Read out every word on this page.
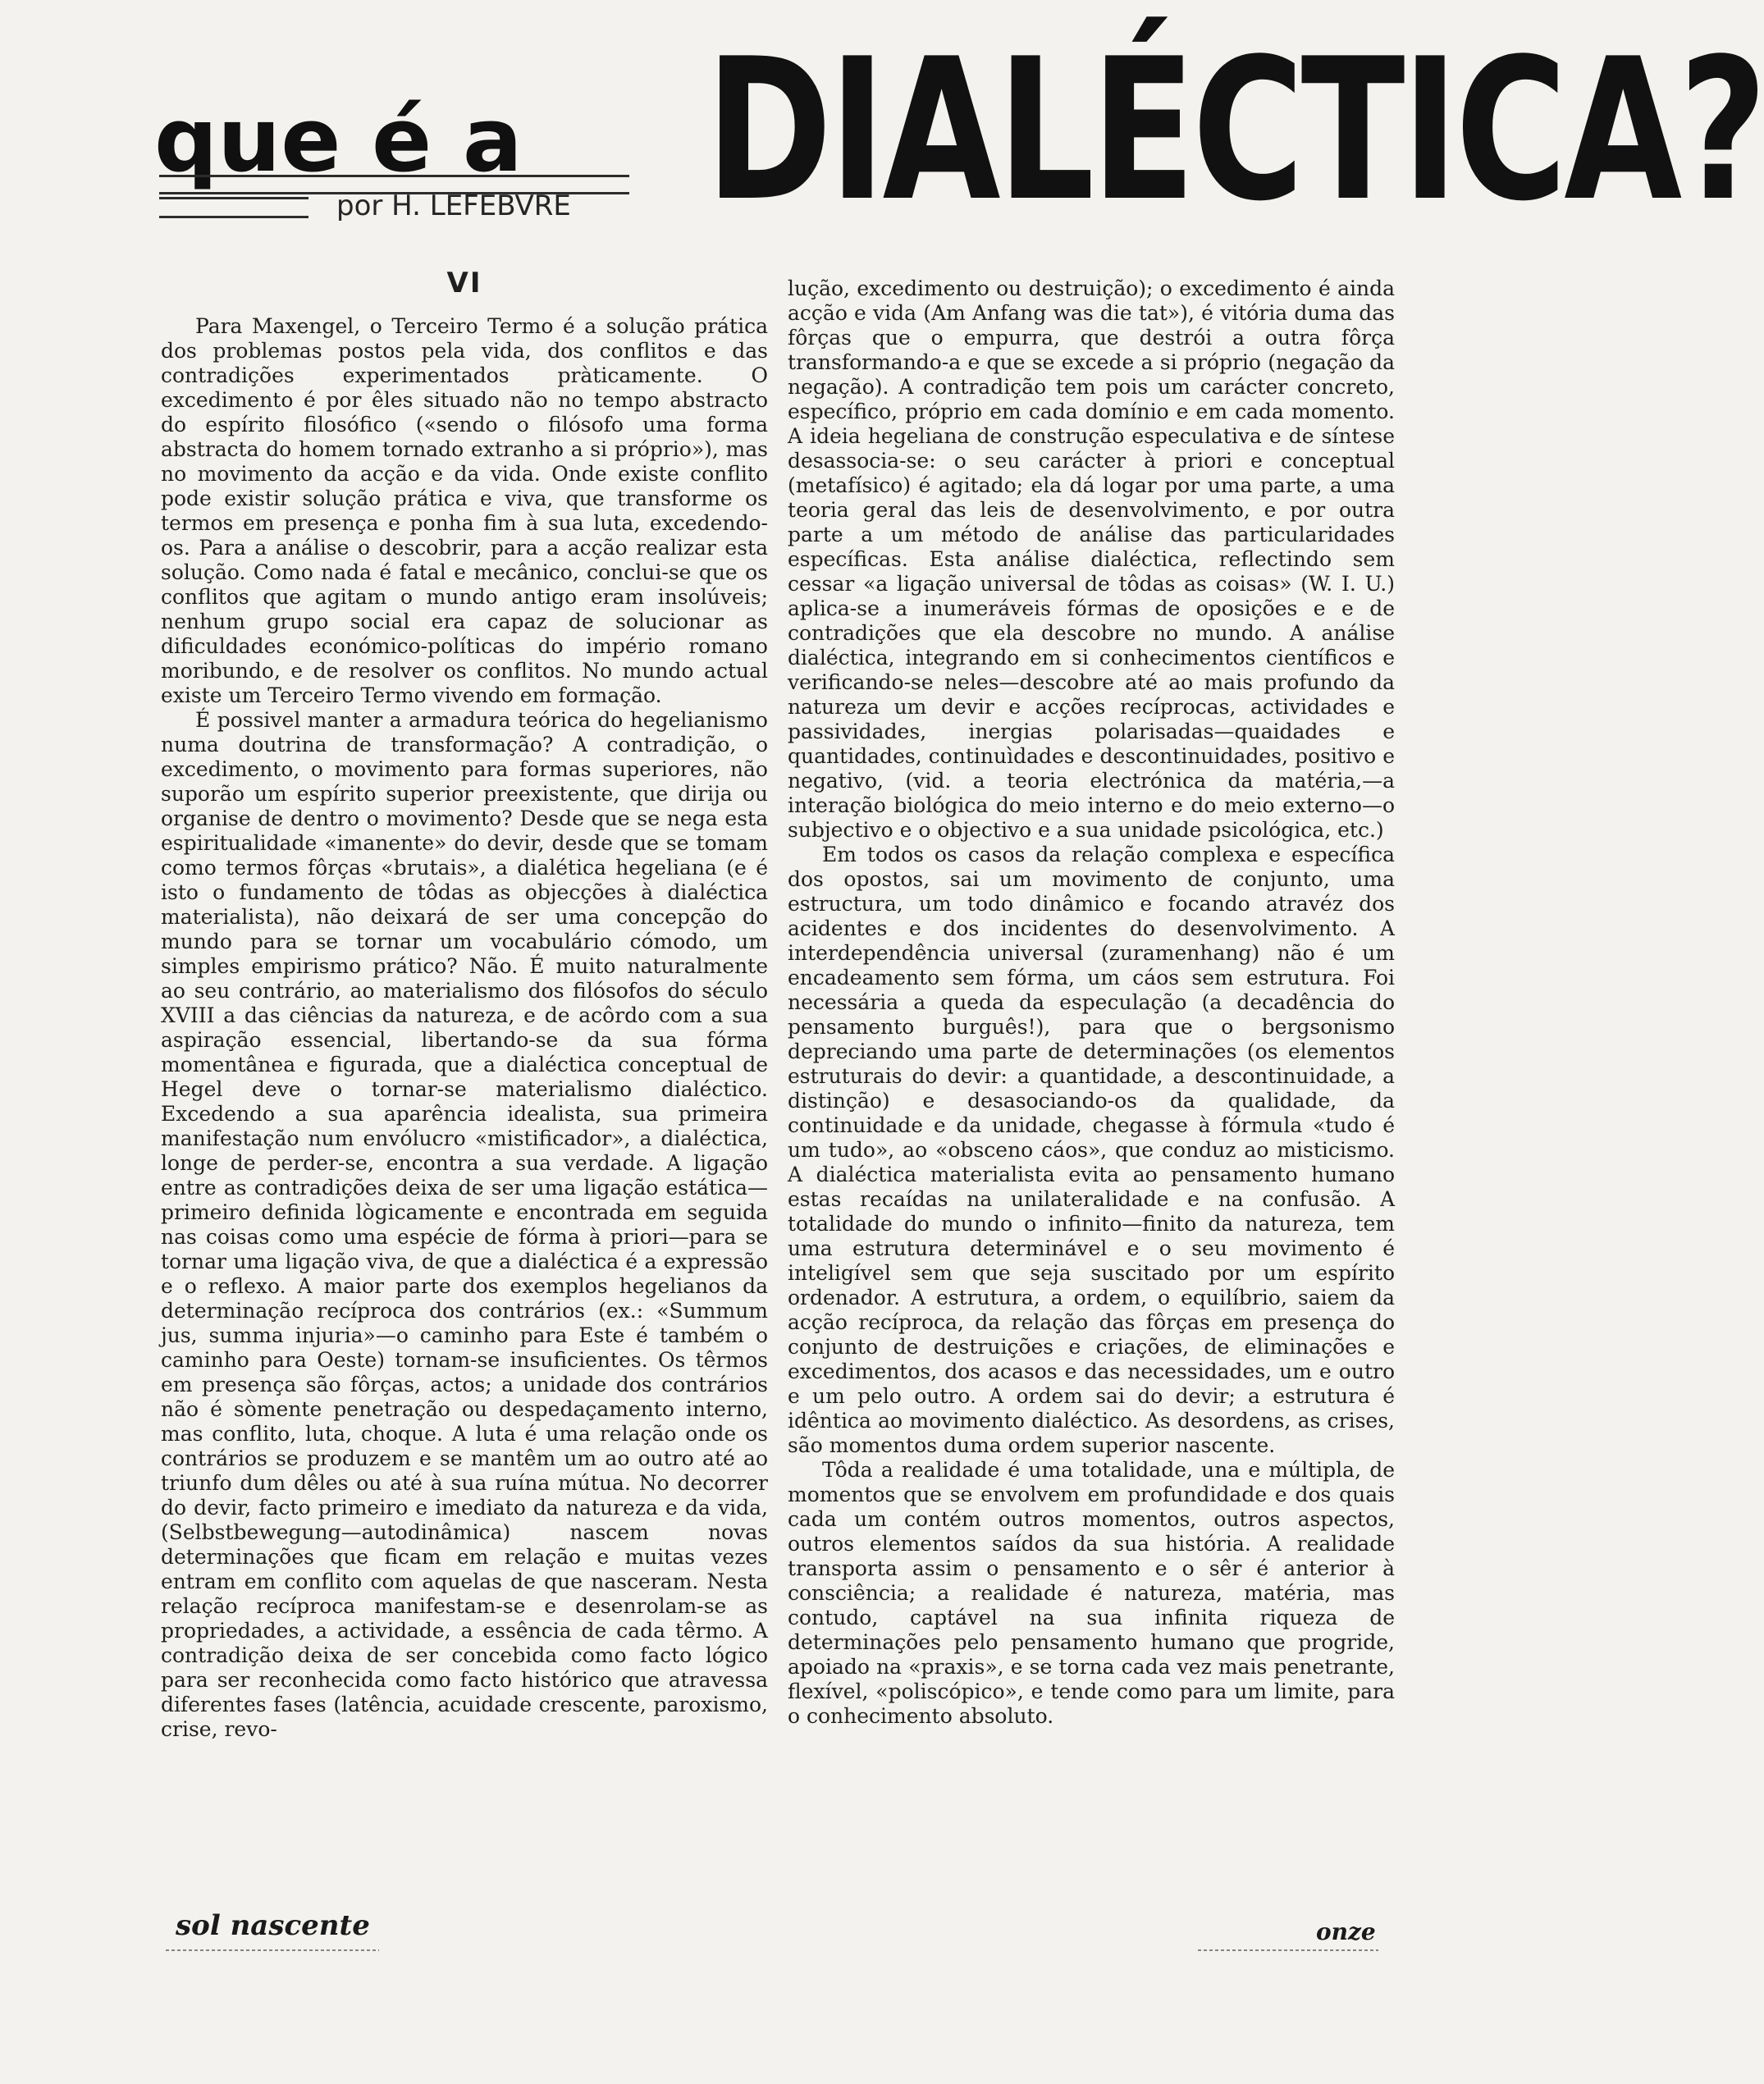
que é a
por H. LEFEBVRE DIALÉCTICA?
VI

Para Maxengel, o Terceiro Termo é a solução prática dos problemas postos pela vida, dos conflitos e das contradições experimentados pràticamente. O excedimento é por êles situado não no tempo abstracto do espírito filosófico («sendo o filósofo uma forma abstracta do homem tornado extranho a si próprio»), mas no movimento da acção e da vida. Onde existe conflito pode existir solução prática e viva, que transforme os termos em presença e ponha fim à sua luta, excedendo-os. Para a análise o descobrir, para a acção realizar esta solução. Como nada é fatal e mecânico, conclui-se que os conflitos que agitam o mundo antigo eram insolúveis; nenhum grupo social era capaz de solucionar as dificuldades económico-políticas do império romano moribundo, e de resolver os conflitos. No mundo actual existe um Terceiro Termo vivendo em formação.

É possivel manter a armadura teórica do hegelianismo numa doutrina de transformação? A contradição, o excedimento, o movimento para formas superiores, não suporão um espírito superior preexistente, que dirija ou organise de dentro o movimento? Desde que se nega esta espiritualidade «imanente» do devir, desde que se tomam como termos fôrças «brutais», a dialética hegeliana (e é isto o fundamento de tôdas as objecções à dialéctica materialista), não deixará de ser uma concepção do mundo para se tornar um vocabulário cómodo, um simples empirismo prático? Não. É muito naturalmente ao seu contrário, ao materialismo dos filósofos do século XVIII a das ciências da natureza, e de acôrdo com a sua aspiração essencial, libertando-se da sua fórma momentânea e figurada, que a dialéctica conceptual de Hegel deve o tornar-se materialismo dialéctico. Excedendo a sua aparência idealista, sua primeira manifestação num envólucro «mistificador», a dialéctica, longe de perder-se, encontra a sua verdade. A ligação entre as contradições deixa de ser uma ligação estática—primeiro definida lògicamente e encontrada em seguida nas coisas como uma espécie de fórma à priori—para se tornar uma ligação viva, de que a dialéctica é a expressão e o reflexo. A maior parte dos exemplos hegelianos da determinação recíproca dos contrários (ex.: «Summum jus, summa injuria»—o caminho para Este é também o caminho para Oeste) tornam-se insuficientes. Os têrmos em presença são fôrças, actos; a unidade dos contrários não é sòmente penetração ou despedaçamento interno, mas conflito, luta, choque. A luta é uma relação onde os contrários se produzem e se mantêm um ao outro até ao triunfo dum dêles ou até à sua ruína mútua. No decorrer do devir, facto primeiro e imediato da natureza e da vida, (Selbstbewegung—autodinâmica) nascem novas determinações que ficam em relação e muitas vezes entram em conflito com aquelas de que nasceram. Nesta relação recíproca manifestam-se e desenrolam-se as propriedades, a actividade, a essência de cada têrmo. A contradição deixa de ser concebida como facto lógico para ser reconhecida como facto histórico que atravessa diferentes fases (latência, acuidade crescente, paroxismo, crise, revo-

lução, excedimento ou destruição); o excedimento é ainda acção e vida (Am Anfang was die tat»), é vitória duma das fôrças que o empurra, que destrói a outra fôrça transformando-a e que se excede a si próprio (negação da negação). A contradição tem pois um carácter concreto, específico, próprio em cada domínio e em cada momento. A ideia hegeliana de construção especulativa e de síntese desassocia-se: o seu carácter à priori e conceptual (metafísico) é agitado; ela dá logar por uma parte, a uma teoria geral das leis de desenvolvimento, e por outra parte a um método de análise das particularidades específicas. Esta análise dialéctica, reflectindo sem cessar «a ligação universal de tôdas as coisas» (W. I. U.) aplica-se a inumeráveis fórmas de oposições e e de contradições que ela descobre no mundo. A análise dialéctica, integrando em si conhecimentos científicos e verificando-se neles—descobre até ao mais profundo da natureza um devir e acções recíprocas, actividades e passividades, inergias polarisadas—quaidades e quantidades, continuìdades e descontinuidades, positivo e negativo, (vid. a teoria electrónica da matéria,—a interação biológica do meio interno e do meio externo—o subjectivo e o objectivo e a sua unidade psicológica, etc.)

Em todos os casos da relação complexa e específica dos opostos, sai um movimento de conjunto, uma estructura, um todo dinâmico e focando atravéz dos acidentes e dos incidentes do desenvolvimento. A interdependência universal (zuramenhang) não é um encadeamento sem fórma, um cáos sem estrutura. Foi necessária a queda da especulação (a decadência do pensamento burguês!), para que o bergsonismo depreciando uma parte de determinações (os elementos estruturais do devir: a quantidade, a descontinuidade, a distinção) e desasociando-os da qualidade, da continuidade e da unidade, chegasse à fórmula «tudo é um tudo», ao «obsceno cáos», que conduz ao misticismo. A dialéctica materialista evita ao pensamento humano estas recaídas na unilateralidade e na confusão. A totalidade do mundo o infinito—finito da natureza, tem uma estrutura determinável e o seu movimento é inteligível sem que seja suscitado por um espírito ordenador. A estrutura, a ordem, o equilíbrio, saiem da acção recíproca, da relação das fôrças em presença do conjunto de destruições e criações, de eliminações e excedimentos, dos acasos e das necessidades, um e outro e um pelo outro. A ordem sai do devir; a estrutura é idêntica ao movimento dialéctico. As desordens, as crises, são momentos duma ordem superior nascente.

Tôda a realidade é uma totalidade, una e múltipla, de momentos que se envolvem em profundidade e dos quais cada um contém outros momentos, outros aspectos, outros elementos saídos da sua história. A realidade transporta assim o pensamento e o sêr é anterior à consciência; a realidade é natureza, matéria, mas contudo, captável na sua infinita riqueza de determinações pelo pensamento humano que progride, apoiado na «praxis», e se torna cada vez mais penetrante, flexível, «poliscópico», e tende como para um limite, para o conhecimento absoluto.

sol nascente	onze
